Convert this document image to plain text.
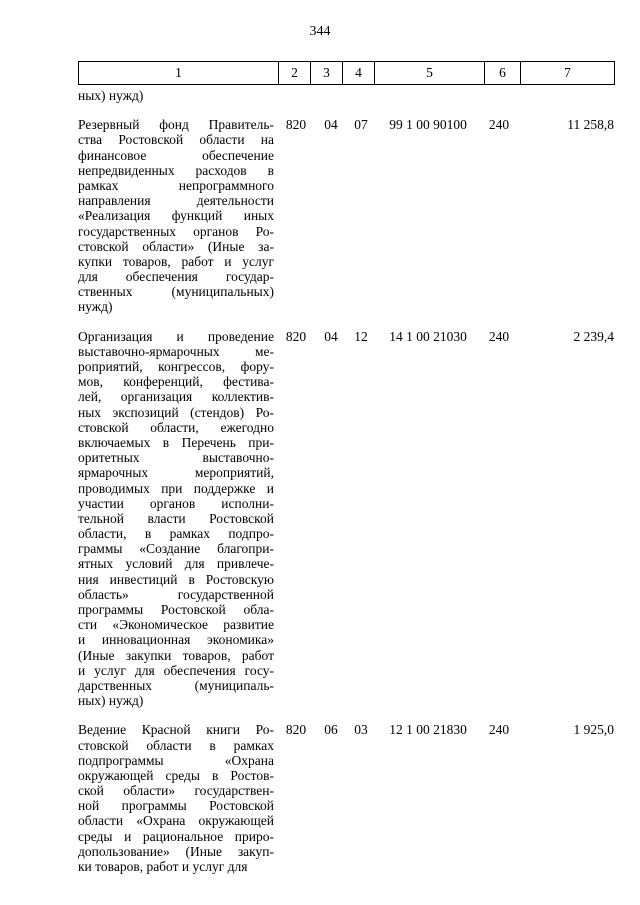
344
1	2	3	4	5	6	7
ных) нужд)
Резервный фонд Правитель-
ства Ростовской области на
финансовое обеспечение
непредвиденных расходов в
рамках непрограммного
направления деятельности
«Реализация функций иных
государственных органов Ро-
стовской области» (Иные за-
купки товаров, работ и услуг
для обеспечения государ-
ственных (муниципальных)
нужд)
820	04	07	99 1 00 90100	240	11 258,8
Организация и проведение
выставочно-ярмарочных ме-
роприятий, конгрессов, фору-
мов, конференций, фестива-
лей, организация коллектив-
ных экспозиций (стендов) Ро-
стовской области, ежегодно
включаемых в Перечень при-
оритетных выставочно-
ярмарочных мероприятий,
проводимых при поддержке и
участии органов исполни-
тельной власти Ростовской
области, в рамках подпро-
граммы «Создание благопри-
ятных условий для привлече-
ния инвестиций в Ростовскую
область» государственной
программы Ростовской обла-
сти «Экономическое развитие
и инновационная экономика»
(Иные закупки товаров, работ
и услуг для обеспечения госу-
дарственных (муниципаль-
ных) нужд)
820	04	12	14 1 00 21030	240	2 239,4
Ведение Красной книги Ро-
стовской области в рамках
подпрограммы «Охрана
окружающей среды в Ростов-
ской области» государствен-
ной программы Ростовской
области «Охрана окружающей
среды и рациональное приро-
допользование» (Иные закуп-
ки товаров, работ и услуг для
820	06	03	12 1 00 21830	240	1 925,0
